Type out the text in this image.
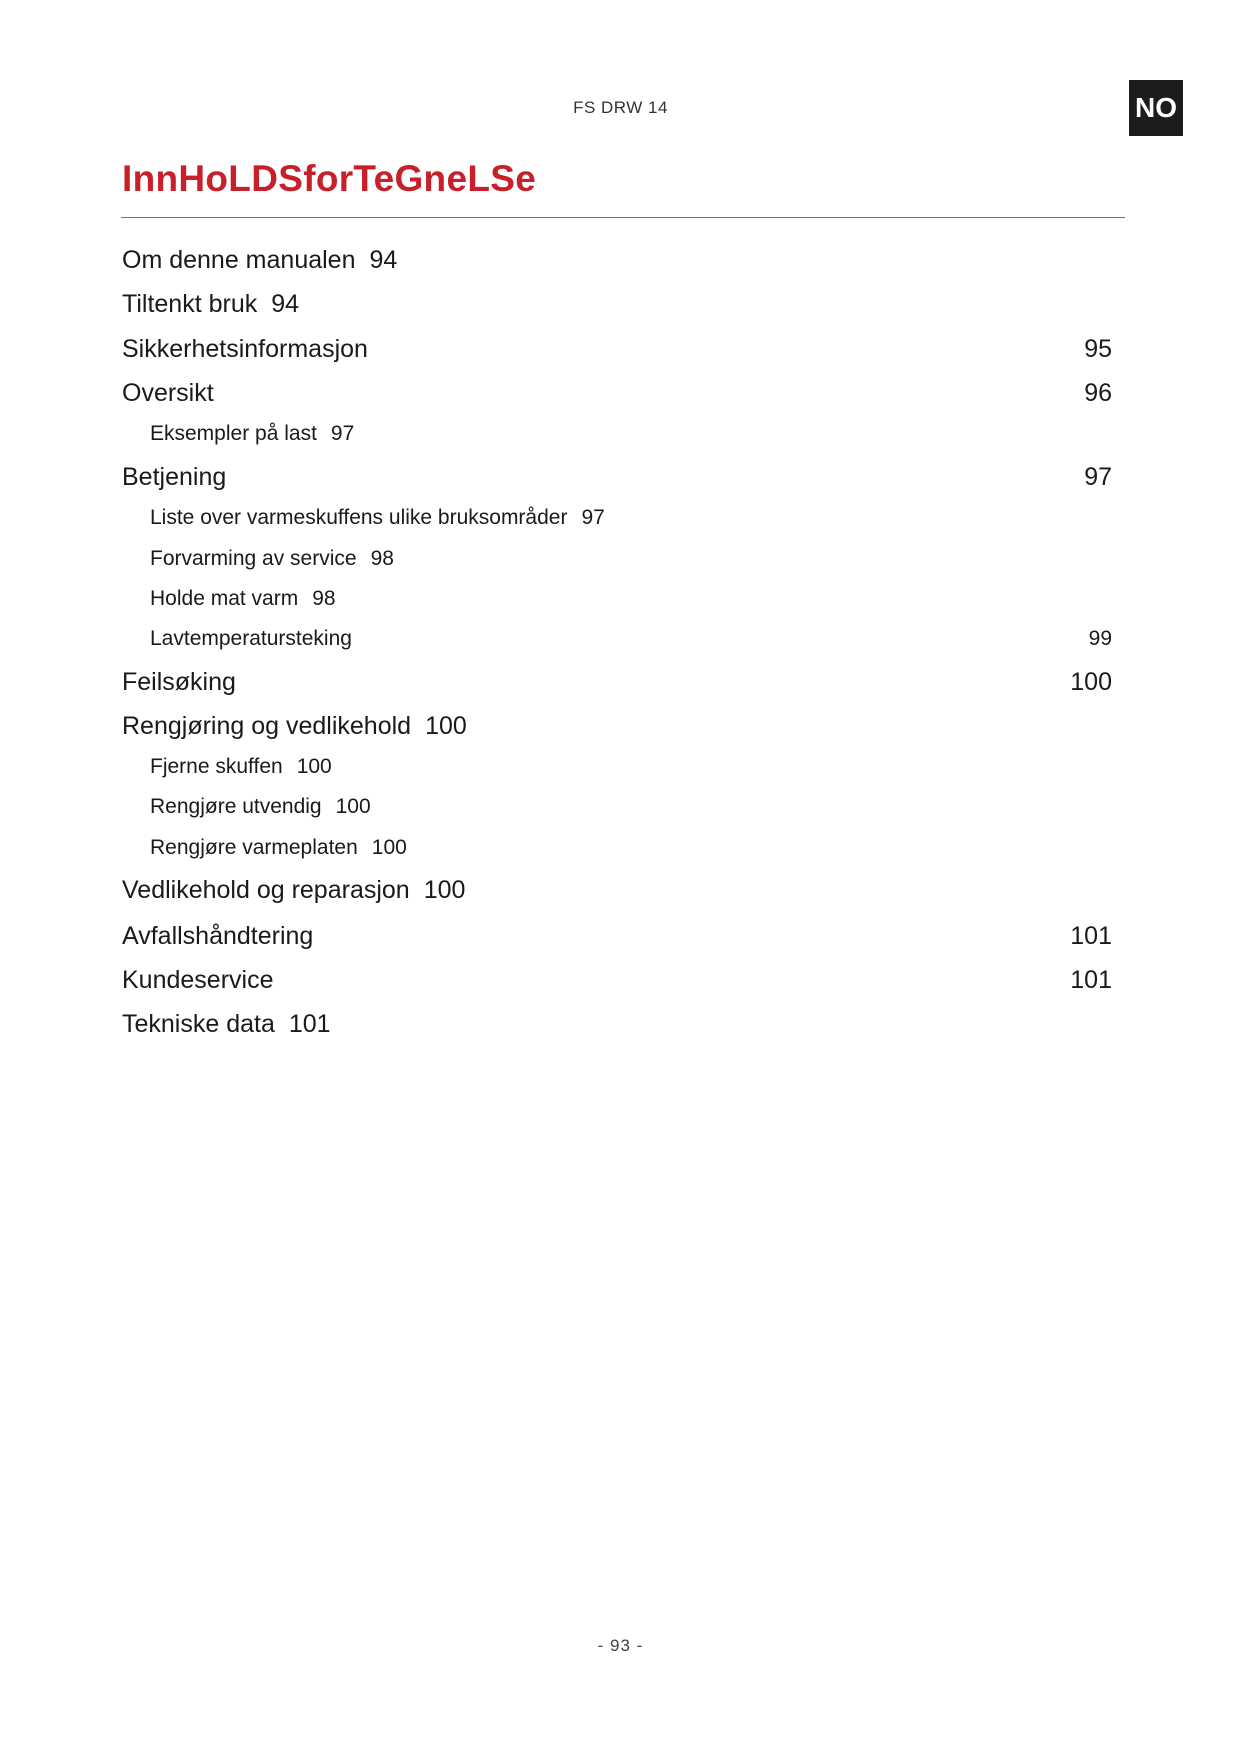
FS DRW 14	NO
InnHoLDSforTeGneLSe
Om denne manualen 94
Tiltenkt bruk 94
Sikkerhetsinformasjon	95
Oversikt	96
Eksempler på last 97
Betjening	97
Liste over varmeskuffens ulike bruksområder 97
Forvarming av service 98
Holde mat varm 98
Lavtemperatursteking	99
Feilsøking	100
Rengjøring og vedlikehold 100
Fjerne skuffen 100
Rengjøre utvendig 100
Rengjøre varmeplaten 100
Vedlikehold og reparasjon 100
Avfallshåndtering	101
Kundeservice	101
Tekniske data 101
- 93 -
